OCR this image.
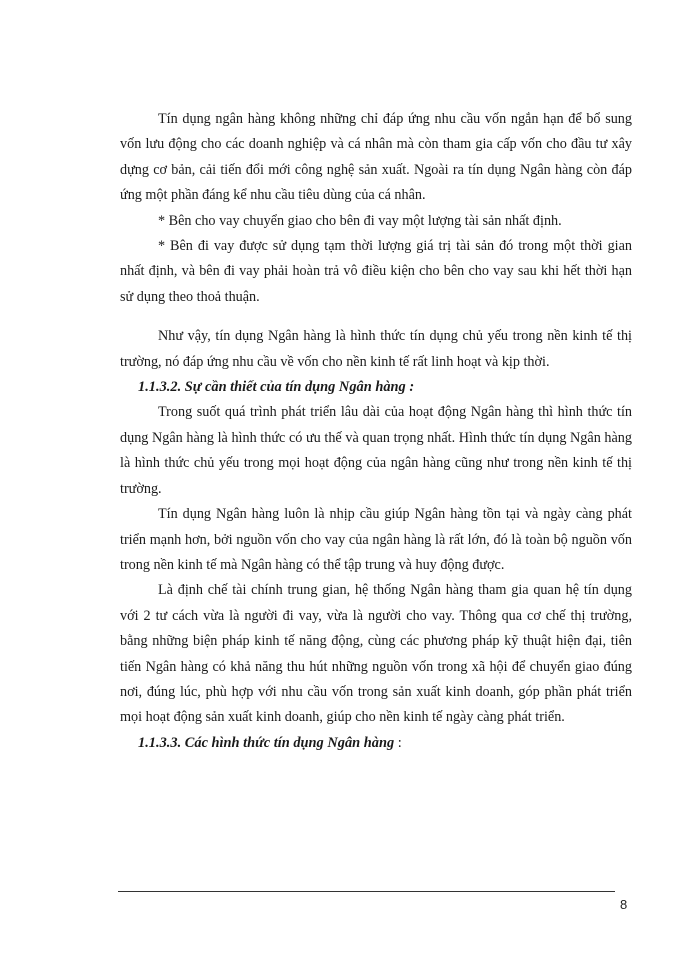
Tín dụng ngân hàng không những chỉ đáp ứng nhu cầu vốn ngắn hạn để bổ sung vốn lưu động cho các doanh nghiệp và cá nhân mà còn tham gia cấp vốn cho đầu tư xây dựng cơ bản, cải tiến đổi mới công nghệ sản xuất. Ngoài ra tín dụng Ngân hàng còn đáp ứng một phần đáng kể nhu cầu tiêu dùng của cá nhân.

* Bên cho vay chuyển giao cho bên đi vay một lượng tài sản nhất định.

* Bên đi vay được sử dụng tạm thời lượng giá trị tài sản đó trong một thời gian nhất định, và bên đi vay phải hoàn trả vô điều kiện cho bên cho vay sau khi hết thời hạn sử dụng theo thoả thuận.

Như vậy, tín dụng Ngân hàng là hình thức tín dụng chủ yếu trong nền kinh tế thị trường, nó đáp ứng nhu cầu về vốn cho nền kinh tế rất linh hoạt và kịp thời.

1.1.3.2. Sự cần thiết của tín dụng Ngân hàng :

Trong suốt quá trình phát triển lâu dài của hoạt động Ngân hàng thì hình thức tín dụng Ngân hàng là hình thức có ưu thế và quan trọng nhất. Hình thức tín dụng Ngân hàng là hình thức chủ yếu trong mọi hoạt động của ngân hàng cũng như trong nền kinh tế thị trường.

Tín dụng Ngân hàng luôn là nhịp cầu giúp Ngân hàng tồn tại và ngày càng phát triển mạnh hơn, bởi nguồn vốn cho vay của ngân hàng là rất lớn, đó là toàn bộ nguồn vốn trong nền kinh tế mà Ngân hàng có thể tập trung và huy động được.

Là định chế tài chính trung gian, hệ thống Ngân hàng tham gia quan hệ tín dụng với 2 tư cách vừa là người đi vay, vừa là người cho vay. Thông qua cơ chế thị trường, bằng những biện pháp kinh tế năng động, cùng các phương pháp kỹ thuật hiện đại, tiên tiến Ngân hàng có khả năng thu hút những nguồn vốn trong xã hội để chuyển giao đúng nơi, đúng lúc, phù hợp với nhu cầu vốn trong sản xuất kinh doanh, góp phần phát triển mọi hoạt động sản xuất kinh doanh, giúp cho nền kinh tế ngày càng phát triển.

1.1.3.3. Các hình thức tín dụng Ngân hàng :

8
